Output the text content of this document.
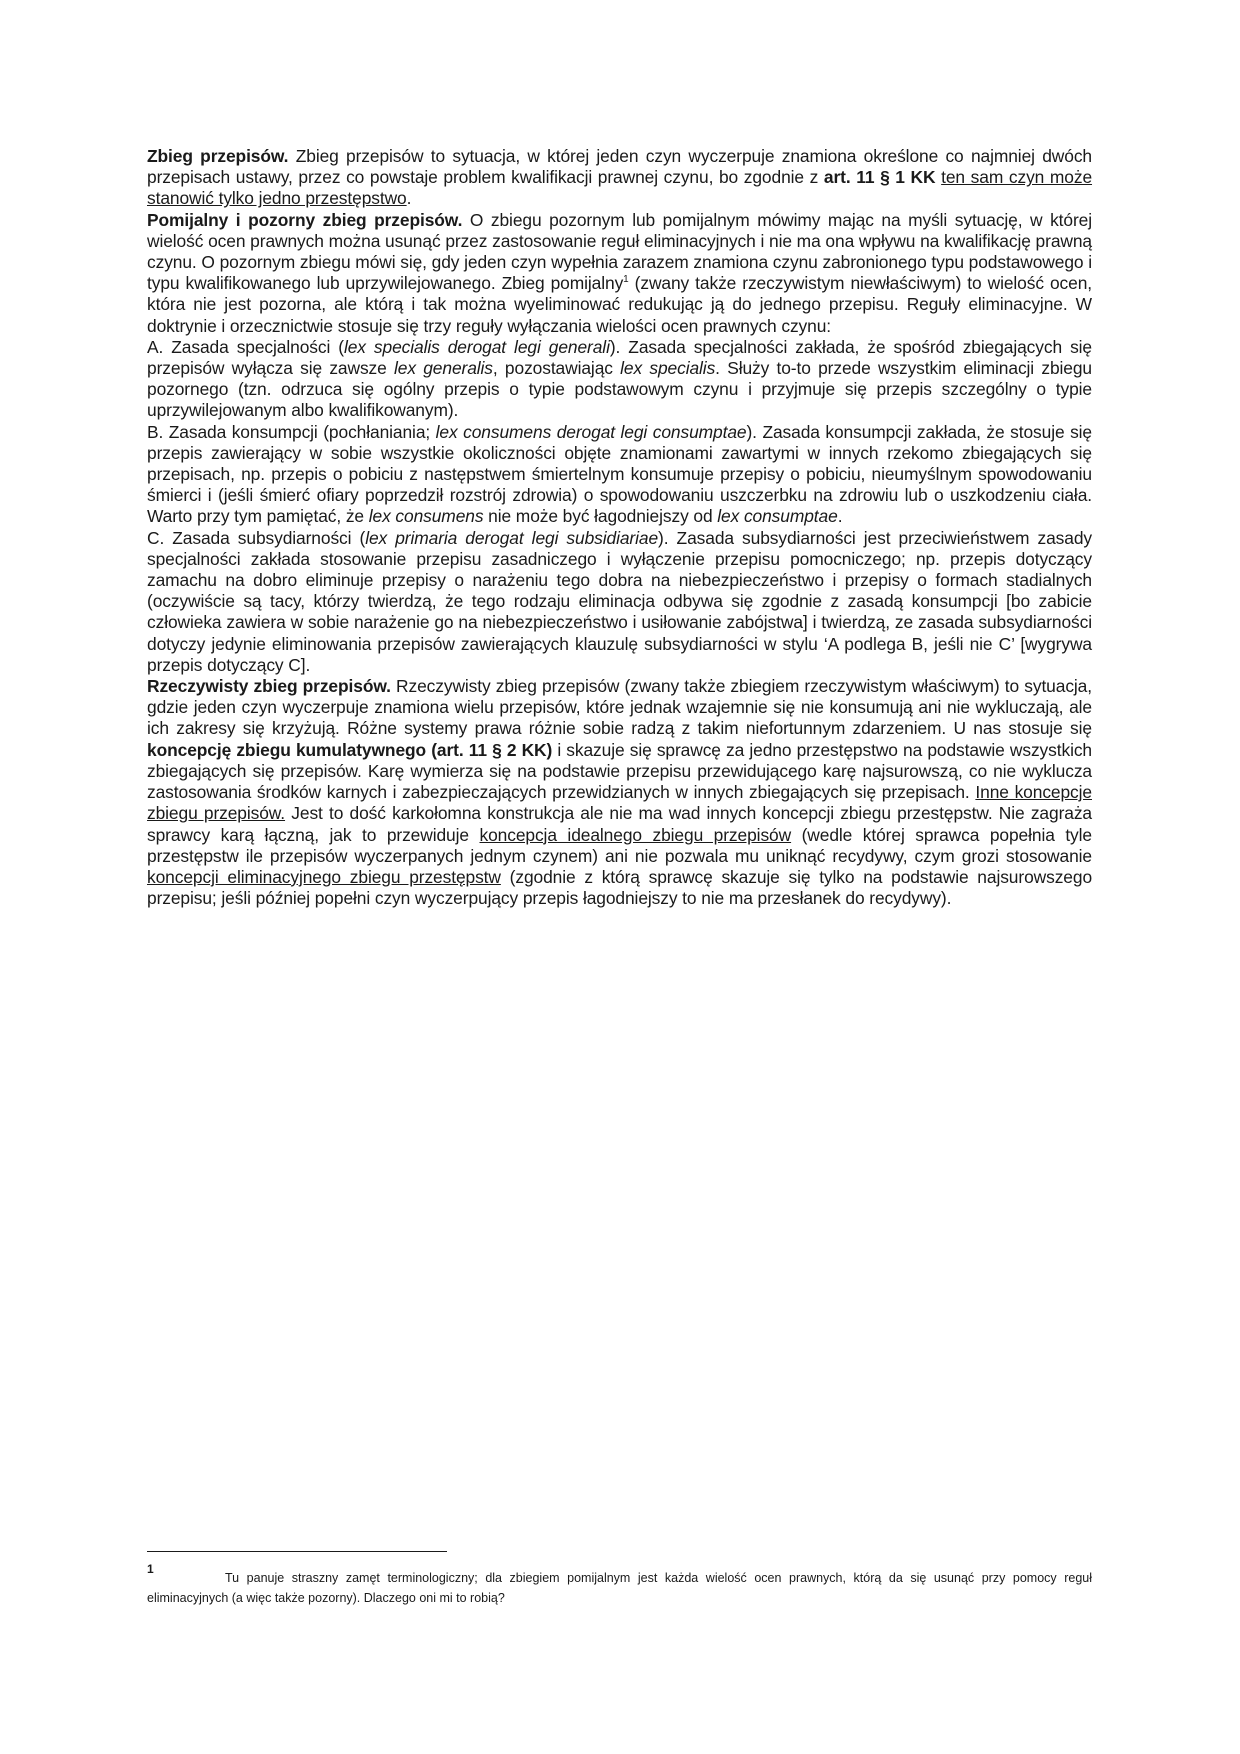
Zbieg przepisów. Zbieg przepisów to sytuacja, w której jeden czyn wyczerpuje znamiona określone co najmniej dwóch przepisach ustawy, przez co powstaje problem kwalifikacji prawnej czynu, bo zgodnie z art. 11 § 1 KK ten sam czyn może stanowić tylko jedno przestępstwo.

Pomijalny i pozorny zbieg przepisów. O zbiegu pozornym lub pomijalnym mówimy mając na myśli sytuację, w której wielość ocen prawnych można usunąć przez zastosowanie reguł eliminacyjnych i nie ma ona wpływu na kwalifikację prawną czynu. O pozornym zbiegu mówi się, gdy jeden czyn wypełnia zarazem znamiona czynu zabronionego typu podstawowego i typu kwalifikowanego lub uprzywilejowanego. Zbieg pomijalny$^1$ (zwany także rzeczywistym niewłaściwym) to wielość ocen, która nie jest pozorna, ale którą i tak można wyeliminować redukując ją do jednego przepisu. Reguły eliminacyjne. W doktrynie i orzecznictwie stosuje się trzy reguły wyłączania wielości ocen prawnych czynu:

A. Zasada specjalności (lex specialis derogat legi generali). Zasada specjalności zakłada, że spośród zbiegających się przepisów wyłącza się zawsze lex generalis, pozostawiając lex specialis. Służy to-to przede wszystkim eliminacji zbiegu pozornego (tzn. odrzuca się ogólny przepis o typie podstawowym czynu i przyjmuje się przepis szczególny o typie uprzywilejowanym albo kwalifikowanym).

B. Zasada konsumpcji (pochłaniania; lex consumens derogat legi consumptae). Zasada konsumpcji zakłada, że stosuje się przepis zawierający w sobie wszystkie okoliczności objęte znamionami zawartymi w innych rzekomo zbiegających się przepisach, np. przepis o pobiciu z następstwem śmiertelnym konsumuje przepisy o pobiciu, nieumyślnym spowodowaniu śmierci i (jeśli śmierć ofiary poprzedził rozstrój zdrowia) o spowodowaniu uszczerbku na zdrowiu lub o uszkodzeniu ciała. Warto przy tym pamiętać, że lex consumens nie może być łagodniejszy od lex consumptae.

C. Zasada subsydiarności (lex primaria derogat legi subsidiariae). Zasada subsydiarności jest przeciwieństwem zasady specjalności zakłada stosowanie przepisu zasadniczego i wyłączenie przepisu pomocniczego; np. przepis dotyczący zamachu na dobro eliminuje przepisy o narażeniu tego dobra na niebezpieczeństwo i przepisy o formach stadialnych (oczywiście są tacy, którzy twierdzą, że tego rodzaju eliminacja odbywa się zgodnie z zasadą konsumpcji [bo zabicie człowieka zawiera w sobie narażenie go na niebezpieczeństwo i usiłowanie zabójstwa] i twierdzą, ze zasada subsydiarności dotyczy jedynie eliminowania przepisów zawierających klauzulę subsydiarności w stylu ‘A podlega B, jeśli nie C’ [wygrywa przepis dotyczący C].

Rzeczywisty zbieg przepisów. Rzeczywisty zbieg przepisów (zwany także zbiegiem rzeczywistym właściwym) to sytuacja, gdzie jeden czyn wyczerpuje znamiona wielu przepisów, które jednak wzajemnie się nie konsumują ani nie wykluczają, ale ich zakresy się krzyżują. Różne systemy prawa różnie sobie radzą z takim niefortunnym zdarzeniem. U nas stosuje się koncepcję zbiegu kumulatywnego (art. 11 § 2 KK) i skazuje się sprawcę za jedno przestępstwo na podstawie wszystkich zbiegających się przepisów. Karę wymierza się na podstawie przepisu przewidującego karę najsurowszą, co nie wyklucza zastosowania środków karnych i zabezpieczających przewidzianych w innych zbiegających się przepisach. Inne koncepcje zbiegu przepisów. Jest to dość karkołomna konstrukcja ale nie ma wad innych koncepcji zbiegu przestępstw. Nie zagraża sprawcy karą łączną, jak to przewiduje koncepcja idealnego zbiegu przepisów (wedle której sprawca popełnia tyle przestępstw ile przepisów wyczerpanych jednym czynem) ani nie pozwala mu uniknąć recydywy, czym grozi stosowanie koncepcji eliminacyjnego zbiegu przestępstw (zgodnie z którą sprawcę skazuje się tylko na podstawie najsurowszego przepisu; jeśli później popełni czyn wyczerpujący przepis łagodniejszy to nie ma przesłanek do recydywy).

1
Tu panuje straszny zamęt terminologiczny; dla zbiegiem pomijalnym jest każda wielość ocen prawnych, którą da się usunąć przy pomocy reguł eliminacyjnych (a więc także pozorny). Dlaczego oni mi to robią?
